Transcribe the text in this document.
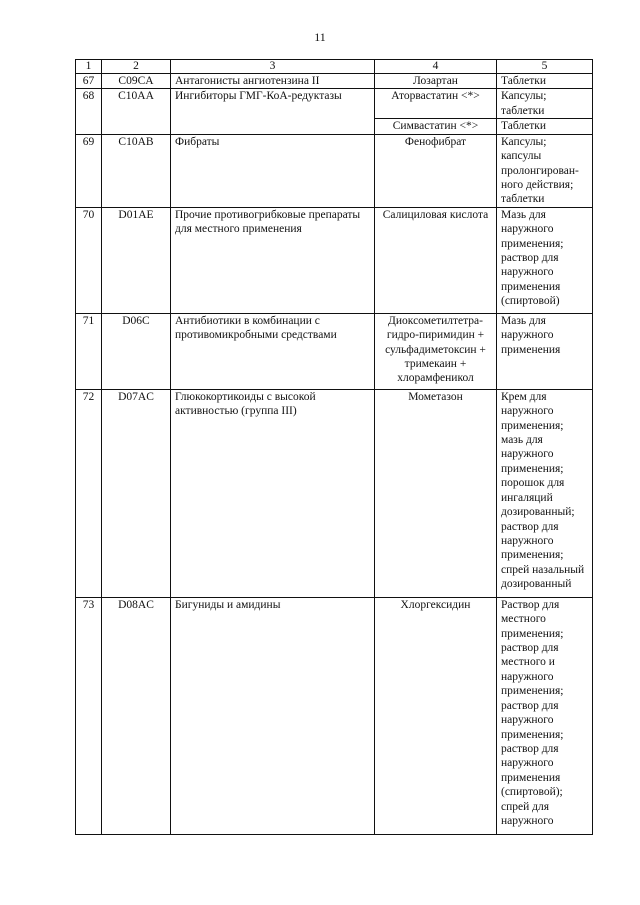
11
1	2	3	4	5
67	C09CA	Антагонисты ангиотензина II	Лозартан	Таблетки
68	C10AA	Ингибиторы ГМГ-КоА-редуктазы	Аторвастатин <*>	Капсулы; таблетки
			Симвастатин <*>	Таблетки
69	C10AB	Фибраты	Фенофибрат	Капсулы; капсулы пролонгирован-ного действия; таблетки
70	D01AE	Прочие противогрибковые препараты для местного применения	Салициловая кислота	Мазь для наружного применения; раствор для наружного применения (спиртовой)
71	D06C	Антибиотики в комбинации с противомикробными средствами	Диоксометилтетра-гидро-пиримидин + сульфадиметоксин + тримекаин + хлорамфеникол	Мазь для наружного применения
72	D07AC	Глюкокортикоиды с высокой активностью (группа III)	Мометазон	Крем для наружного применения; мазь для наружного применения; порошок для ингаляций дозированный; раствор для наружного применения; спрей назальный дозированный
73	D08AC	Бигуниды и амидины	Хлоргексидин	Раствор для местного применения; раствор для местного и наружного применения; раствор для наружного применения; раствор для наружного применения (спиртовой); спрей для наружного
